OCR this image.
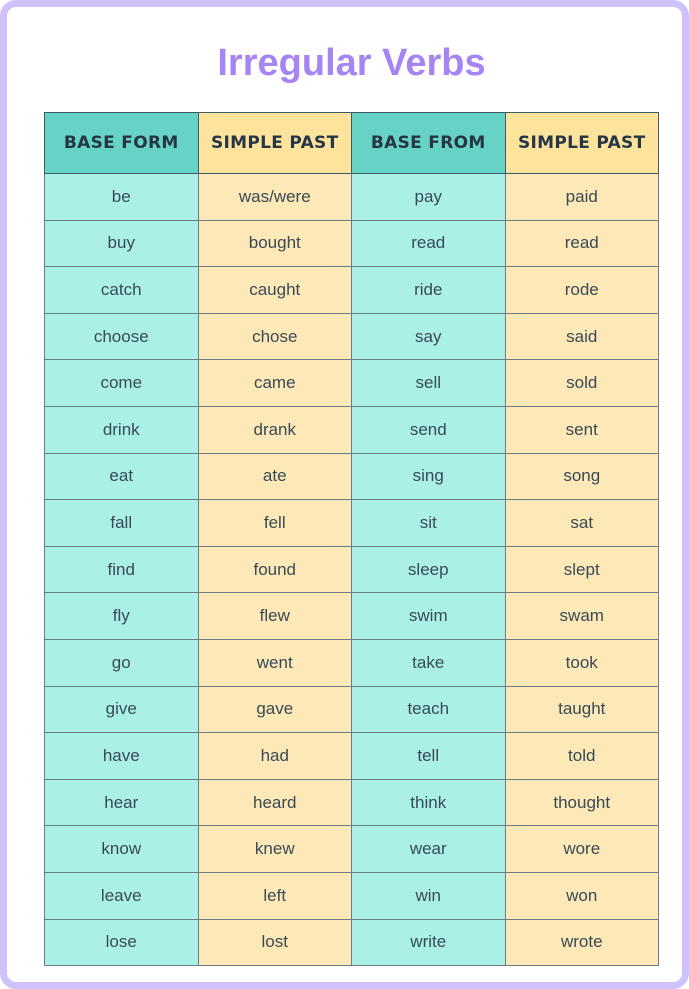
Irregular Verbs
BASE FORM	SIMPLE PAST	BASE FROM	SIMPLE PAST
be	was/were	pay	paid
buy	bought	read	read
catch	caught	ride	rode
choose	chose	say	said
come	came	sell	sold
drink	drank	send	sent
eat	ate	sing	song
fall	fell	sit	sat
find	found	sleep	slept
fly	flew	swim	swam
go	went	take	took
give	gave	teach	taught
have	had	tell	told
hear	heard	think	thought
know	knew	wear	wore
leave	left	win	won
lose	lost	write	wrote
